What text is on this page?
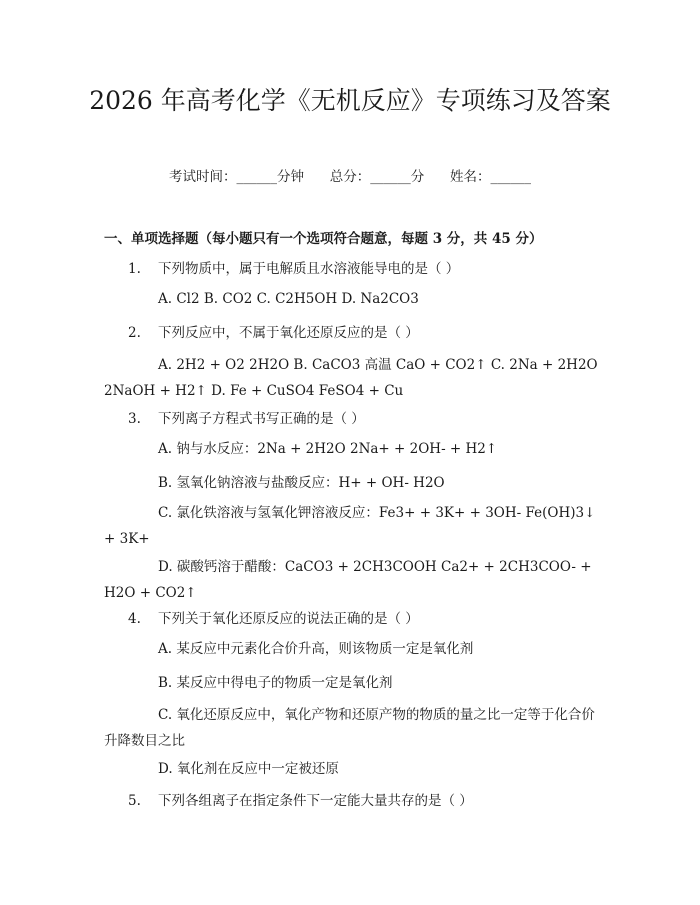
2026 年高考化学《无机反应》专项练习及答案
考试时间：______分钟      总分：______分      姓名：______
一、单项选择题（每小题只有一个选项符合题意，每题 3 分，共 45 分）
1. 下列物质中，属于电解质且水溶液能导电的是（ ）
A. Cl2 B. CO2 C. C2H5OH D. Na2CO3
2. 下列反应中，不属于氧化还原反应的是（ ）
A. 2H2 + O2 2H2O B. CaCO3 高温 CaO + CO2↑ C. 2Na + 2H2O 2NaOH + H2↑ D. Fe + CuSO4 FeSO4 + Cu
3. 下列离子方程式书写正确的是（ ）
A. 钠与水反应：2Na + 2H2O 2Na+ + 2OH- + H2↑
B. 氢氧化钠溶液与盐酸反应：H+ + OH- H2O
C. 氯化铁溶液与氢氧化钾溶液反应：Fe3+ + 3K+ + 3OH- Fe(OH)3↓ + 3K+
D. 碳酸钙溶于醋酸：CaCO3 + 2CH3COOH Ca2+ + 2CH3COO- + H2O + CO2↑
4. 下列关于氧化还原反应的说法正确的是（ ）
A. 某反应中元素化合价升高，则该物质一定是氧化剂
B. 某反应中得电子的物质一定是氧化剂
C. 氧化还原反应中，氧化产物和还原产物的物质的量之比一定等于化合价升降数目之比
D. 氧化剂在反应中一定被还原
5. 下列各组离子在指定条件下一定能大量共存的是（ ）
